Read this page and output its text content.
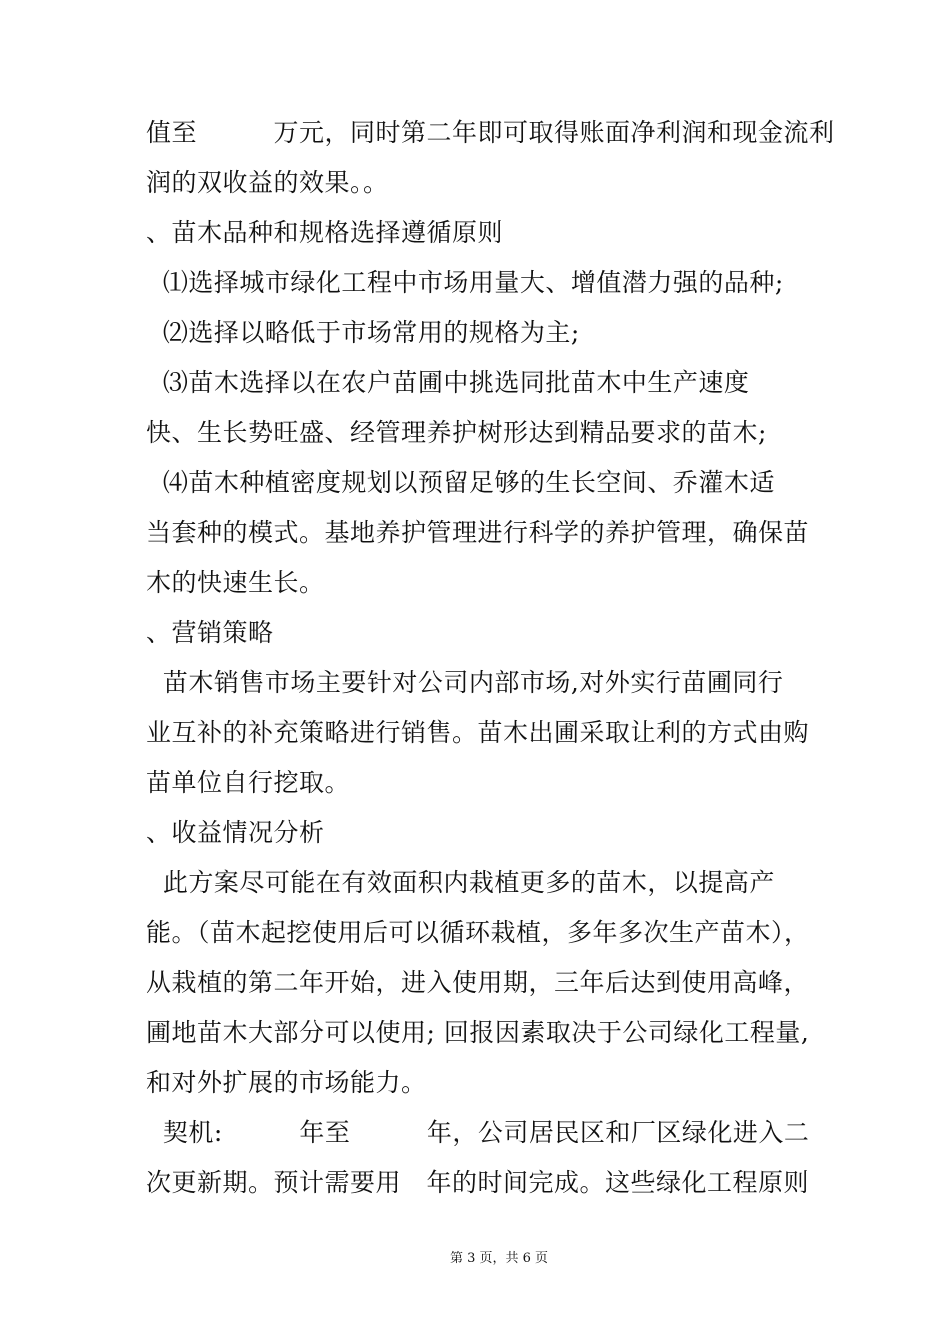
值至　　　万元，同时第二年即可取得账面净利润和现金流利
润的双收益的效果。。
、苗木品种和规格选择遵循原则
⑴选择城市绿化工程中市场用量大、增值潜力强的品种;
⑵选择以略低于市场常用的规格为主;
⑶苗木选择以在农户苗圃中挑选同批苗木中生产速度
快、生长势旺盛、经管理养护树形达到精品要求的苗木;
⑷苗木种植密度规划以预留足够的生长空间、乔灌木适
当套种的模式。基地养护管理进行科学的养护管理，确保苗
木的快速生长。
、营销策略
苗木销售市场主要针对公司内部市场,对外实行苗圃同行
业互补的补充策略进行销售。苗木出圃采取让利的方式由购
苗单位自行挖取。
、收益情况分析
此方案尽可能在有效面积内栽植更多的苗木，以提高产
能。（苗木起挖使用后可以循环栽植，多年多次生产苗木），
从栽植的第二年开始，进入使用期，三年后达到使用高峰，
圃地苗木大部分可以使用; 回报因素取决于公司绿化工程量,
和对外扩展的市场能力。
契机:　　　年至　　　年，公司居民区和厂区绿化进入二
次更新期。预计需要用　年的时间完成。这些绿化工程原则
第 3 页，共 6 页
